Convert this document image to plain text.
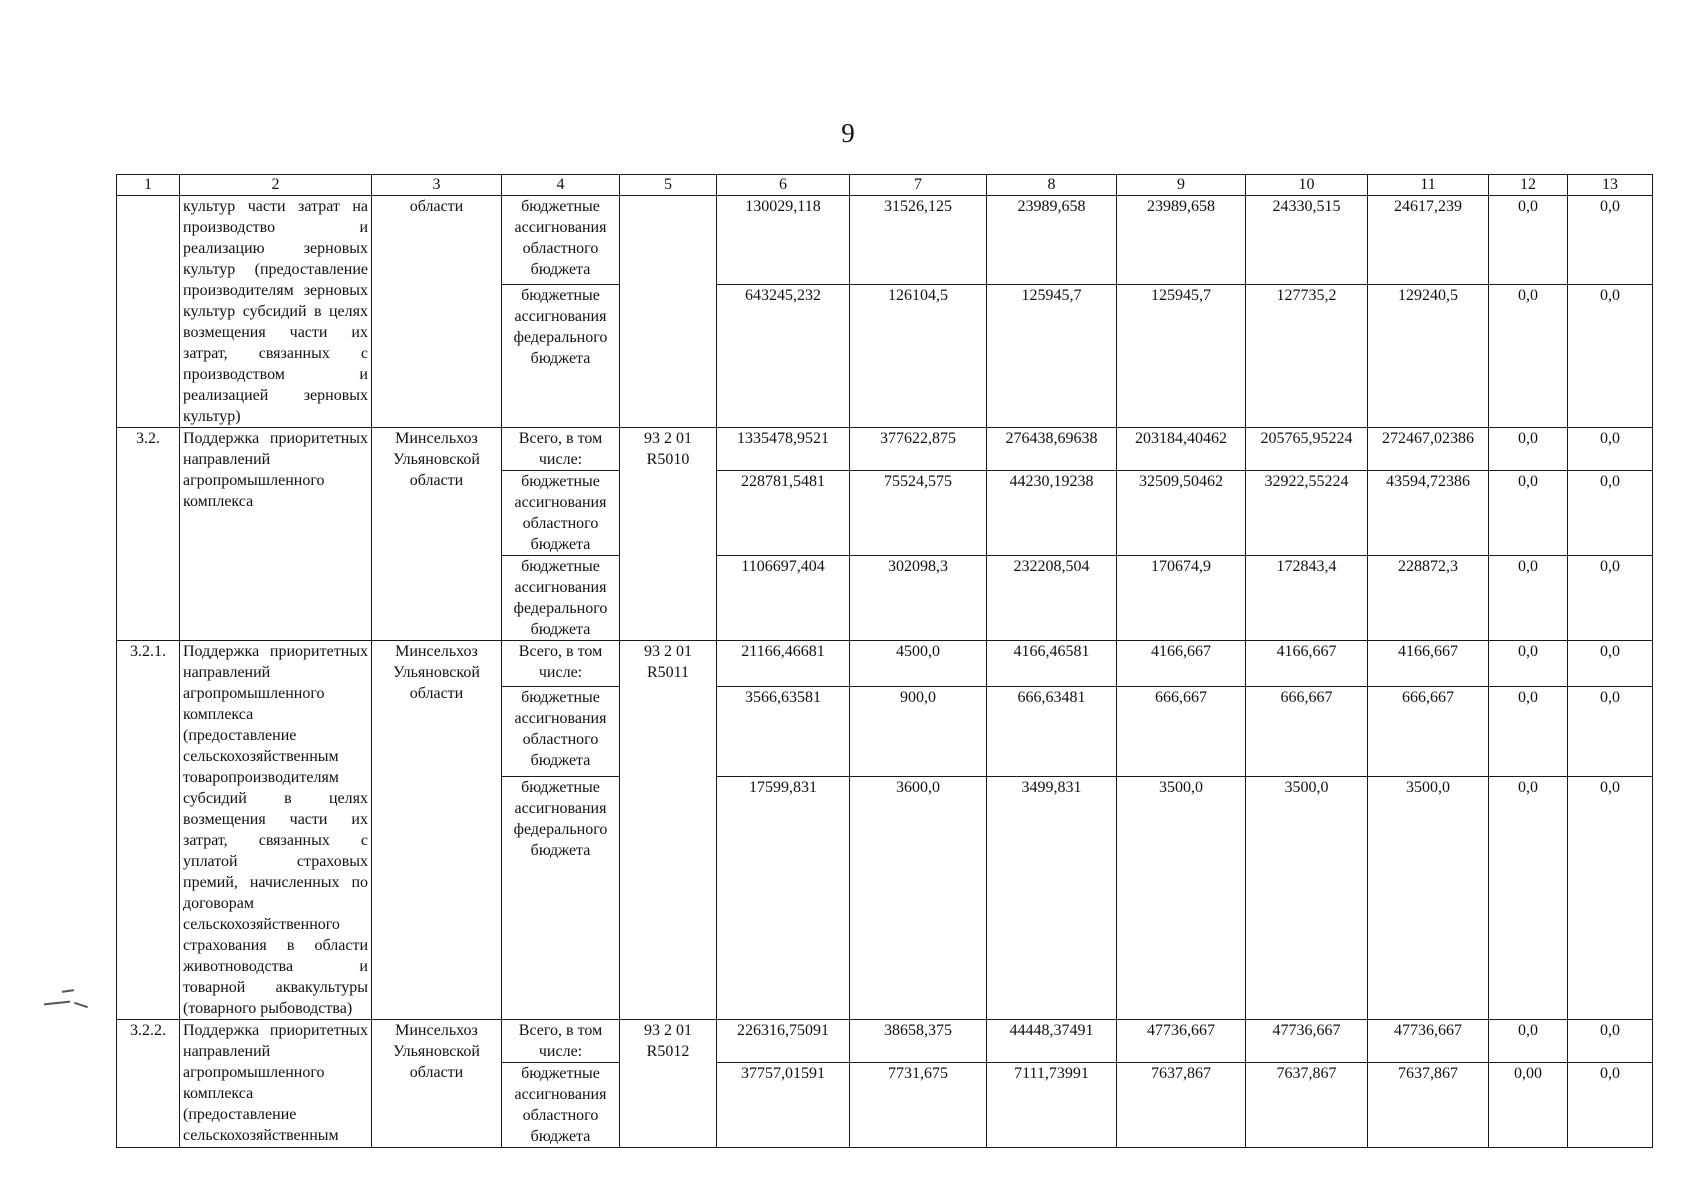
9
1	2	3	4	5	6	7	8	9	10	11	12	13
	культур части затрат на производство и реализацию зерновых культур (предоставление производителям зерновых культур субсидий в целях возмещения части их затрат, связанных с производством и реализацией зерновых культур)	области	бюджетные ассигнования областного бюджета		130029,118	31526,125	23989,658	23989,658	24330,515	24617,239	0,0	0,0
			бюджетные ассигнования федерального бюджета		643245,232	126104,5	125945,7	125945,7	127735,2	129240,5	0,0	0,0
3.2.	Поддержка приоритетных направлений агропромышленного комплекса	Минсельхоз Ульяновской области	Всего, в том числе:	93 2 01 R5010	1335478,9521	377622,875	276438,69638	203184,40462	205765,95224	272467,02386	0,0	0,0
			бюджетные ассигнования областного бюджета		228781,5481	75524,575	44230,19238	32509,50462	32922,55224	43594,72386	0,0	0,0
			бюджетные ассигнования федерального бюджета		1106697,404	302098,3	232208,504	170674,9	172843,4	228872,3	0,0	0,0
3.2.1.	Поддержка приоритетных направлений агропромышленного комплекса (предоставление сельскохозяйственным товаропроизводителям субсидий в целях возмещения части их затрат, связанных с уплатой страховых премий, начисленных по договорам сельскохозяйственного страхования в области животноводства и товарной аквакультуры (товарного рыбоводства)	Минсельхоз Ульяновской области	Всего, в том числе:	93 2 01 R5011	21166,46681	4500,0	4166,46581	4166,667	4166,667	4166,667	0,0	0,0
			бюджетные ассигнования областного бюджета		3566,63581	900,0	666,63481	666,667	666,667	666,667	0,0	0,0
			бюджетные ассигнования федерального бюджета		17599,831	3600,0	3499,831	3500,0	3500,0	3500,0	0,0	0,0
3.2.2.	Поддержка приоритетных направлений агропромышленного комплекса (предоставление сельскохозяйственным	Минсельхоз Ульяновской области	Всего, в том числе:	93 2 01 R5012	226316,75091	38658,375	44448,37491	47736,667	47736,667	47736,667	0,0	0,0
			бюджетные ассигнования областного бюджета		37757,01591	7731,675	7111,73991	7637,867	7637,867	7637,867	0,00	0,0
